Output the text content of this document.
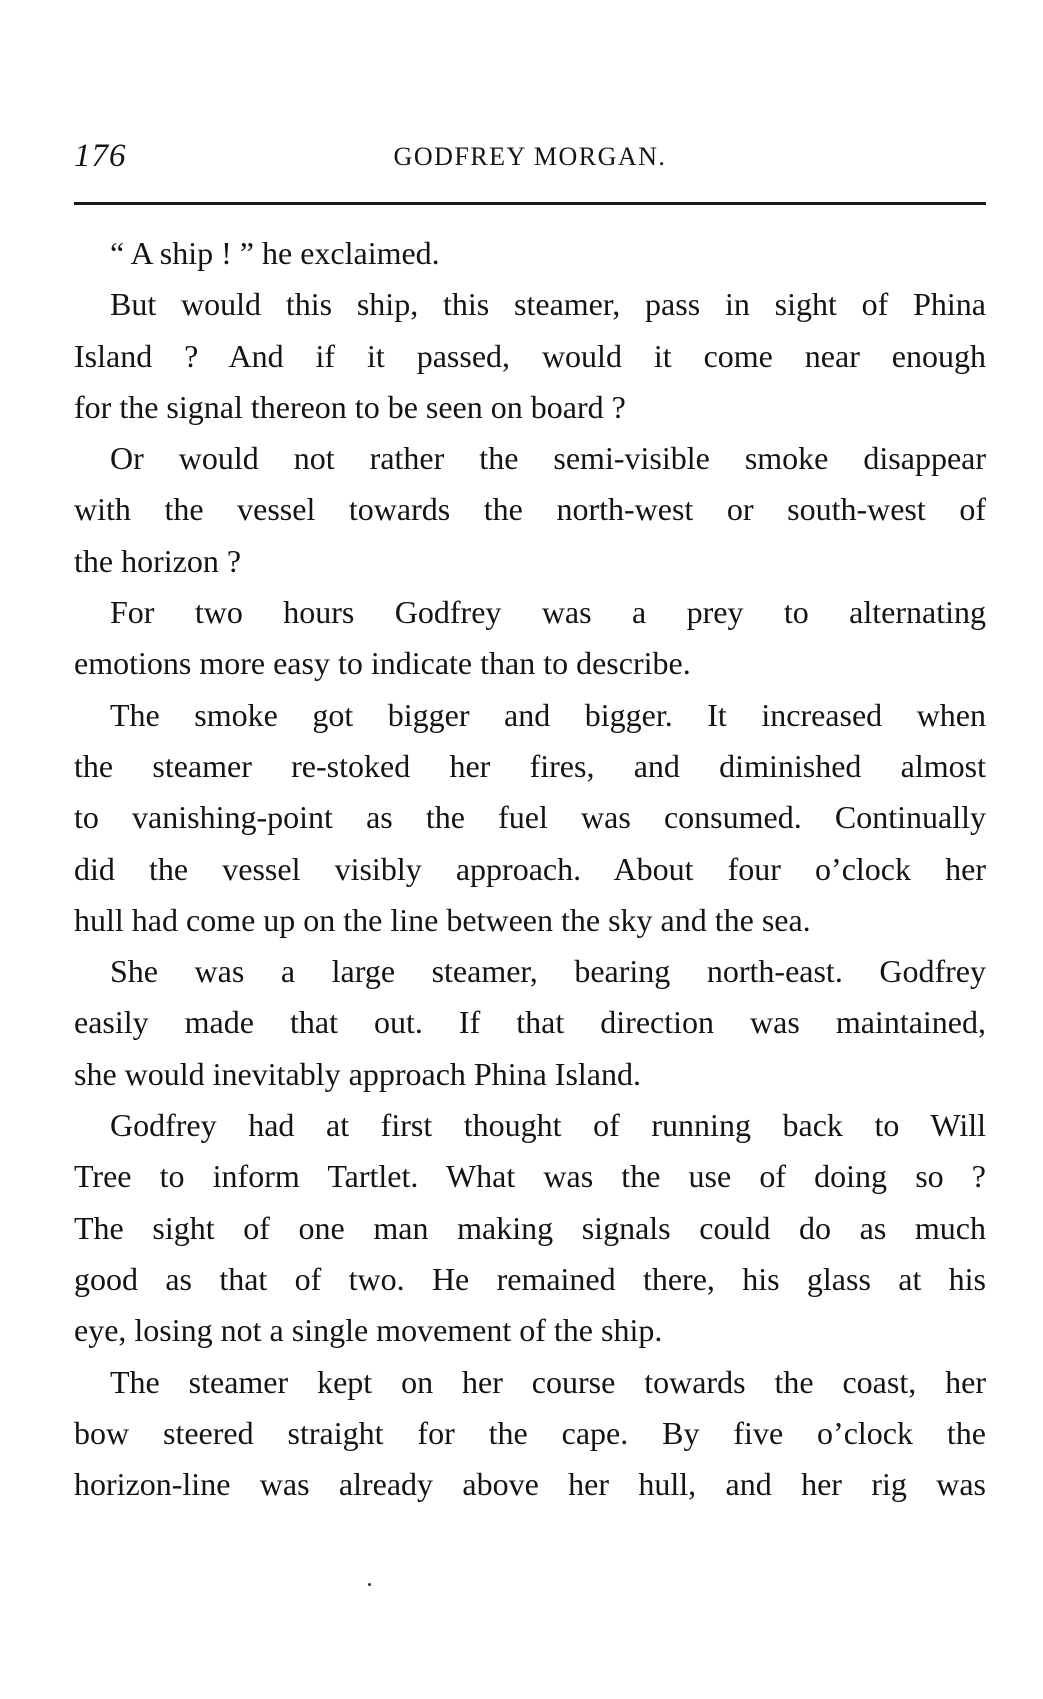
176	GODFREY MORGAN.
“ A ship ! ” he exclaimed.
But would this ship, this steamer, pass in sight of Phina
Island ? And if it passed, would it come near enough
for the signal thereon to be seen on board ?
Or would not rather the semi-visible smoke disappear
with the vessel towards the north-west or south-west of
the horizon ?
For two hours Godfrey was a prey to alternating
emotions more easy to indicate than to describe.
The smoke got bigger and bigger. It increased when
the steamer re-stoked her fires, and diminished almost
to vanishing-point as the fuel was consumed. Continually
did the vessel visibly approach. About four o’clock her
hull had come up on the line between the sky and the sea.
She was a large steamer, bearing north-east. Godfrey
easily made that out. If that direction was maintained,
she would inevitably approach Phina Island.
Godfrey had at first thought of running back to Will
Tree to inform Tartlet. What was the use of doing so ?
The sight of one man making signals could do as much
good as that of two. He remained there, his glass at his
eye, losing not a single movement of the ship.
The steamer kept on her course towards the coast, her
bow steered straight for the cape. By five o’clock the
horizon-line was already above her hull, and her rig was
